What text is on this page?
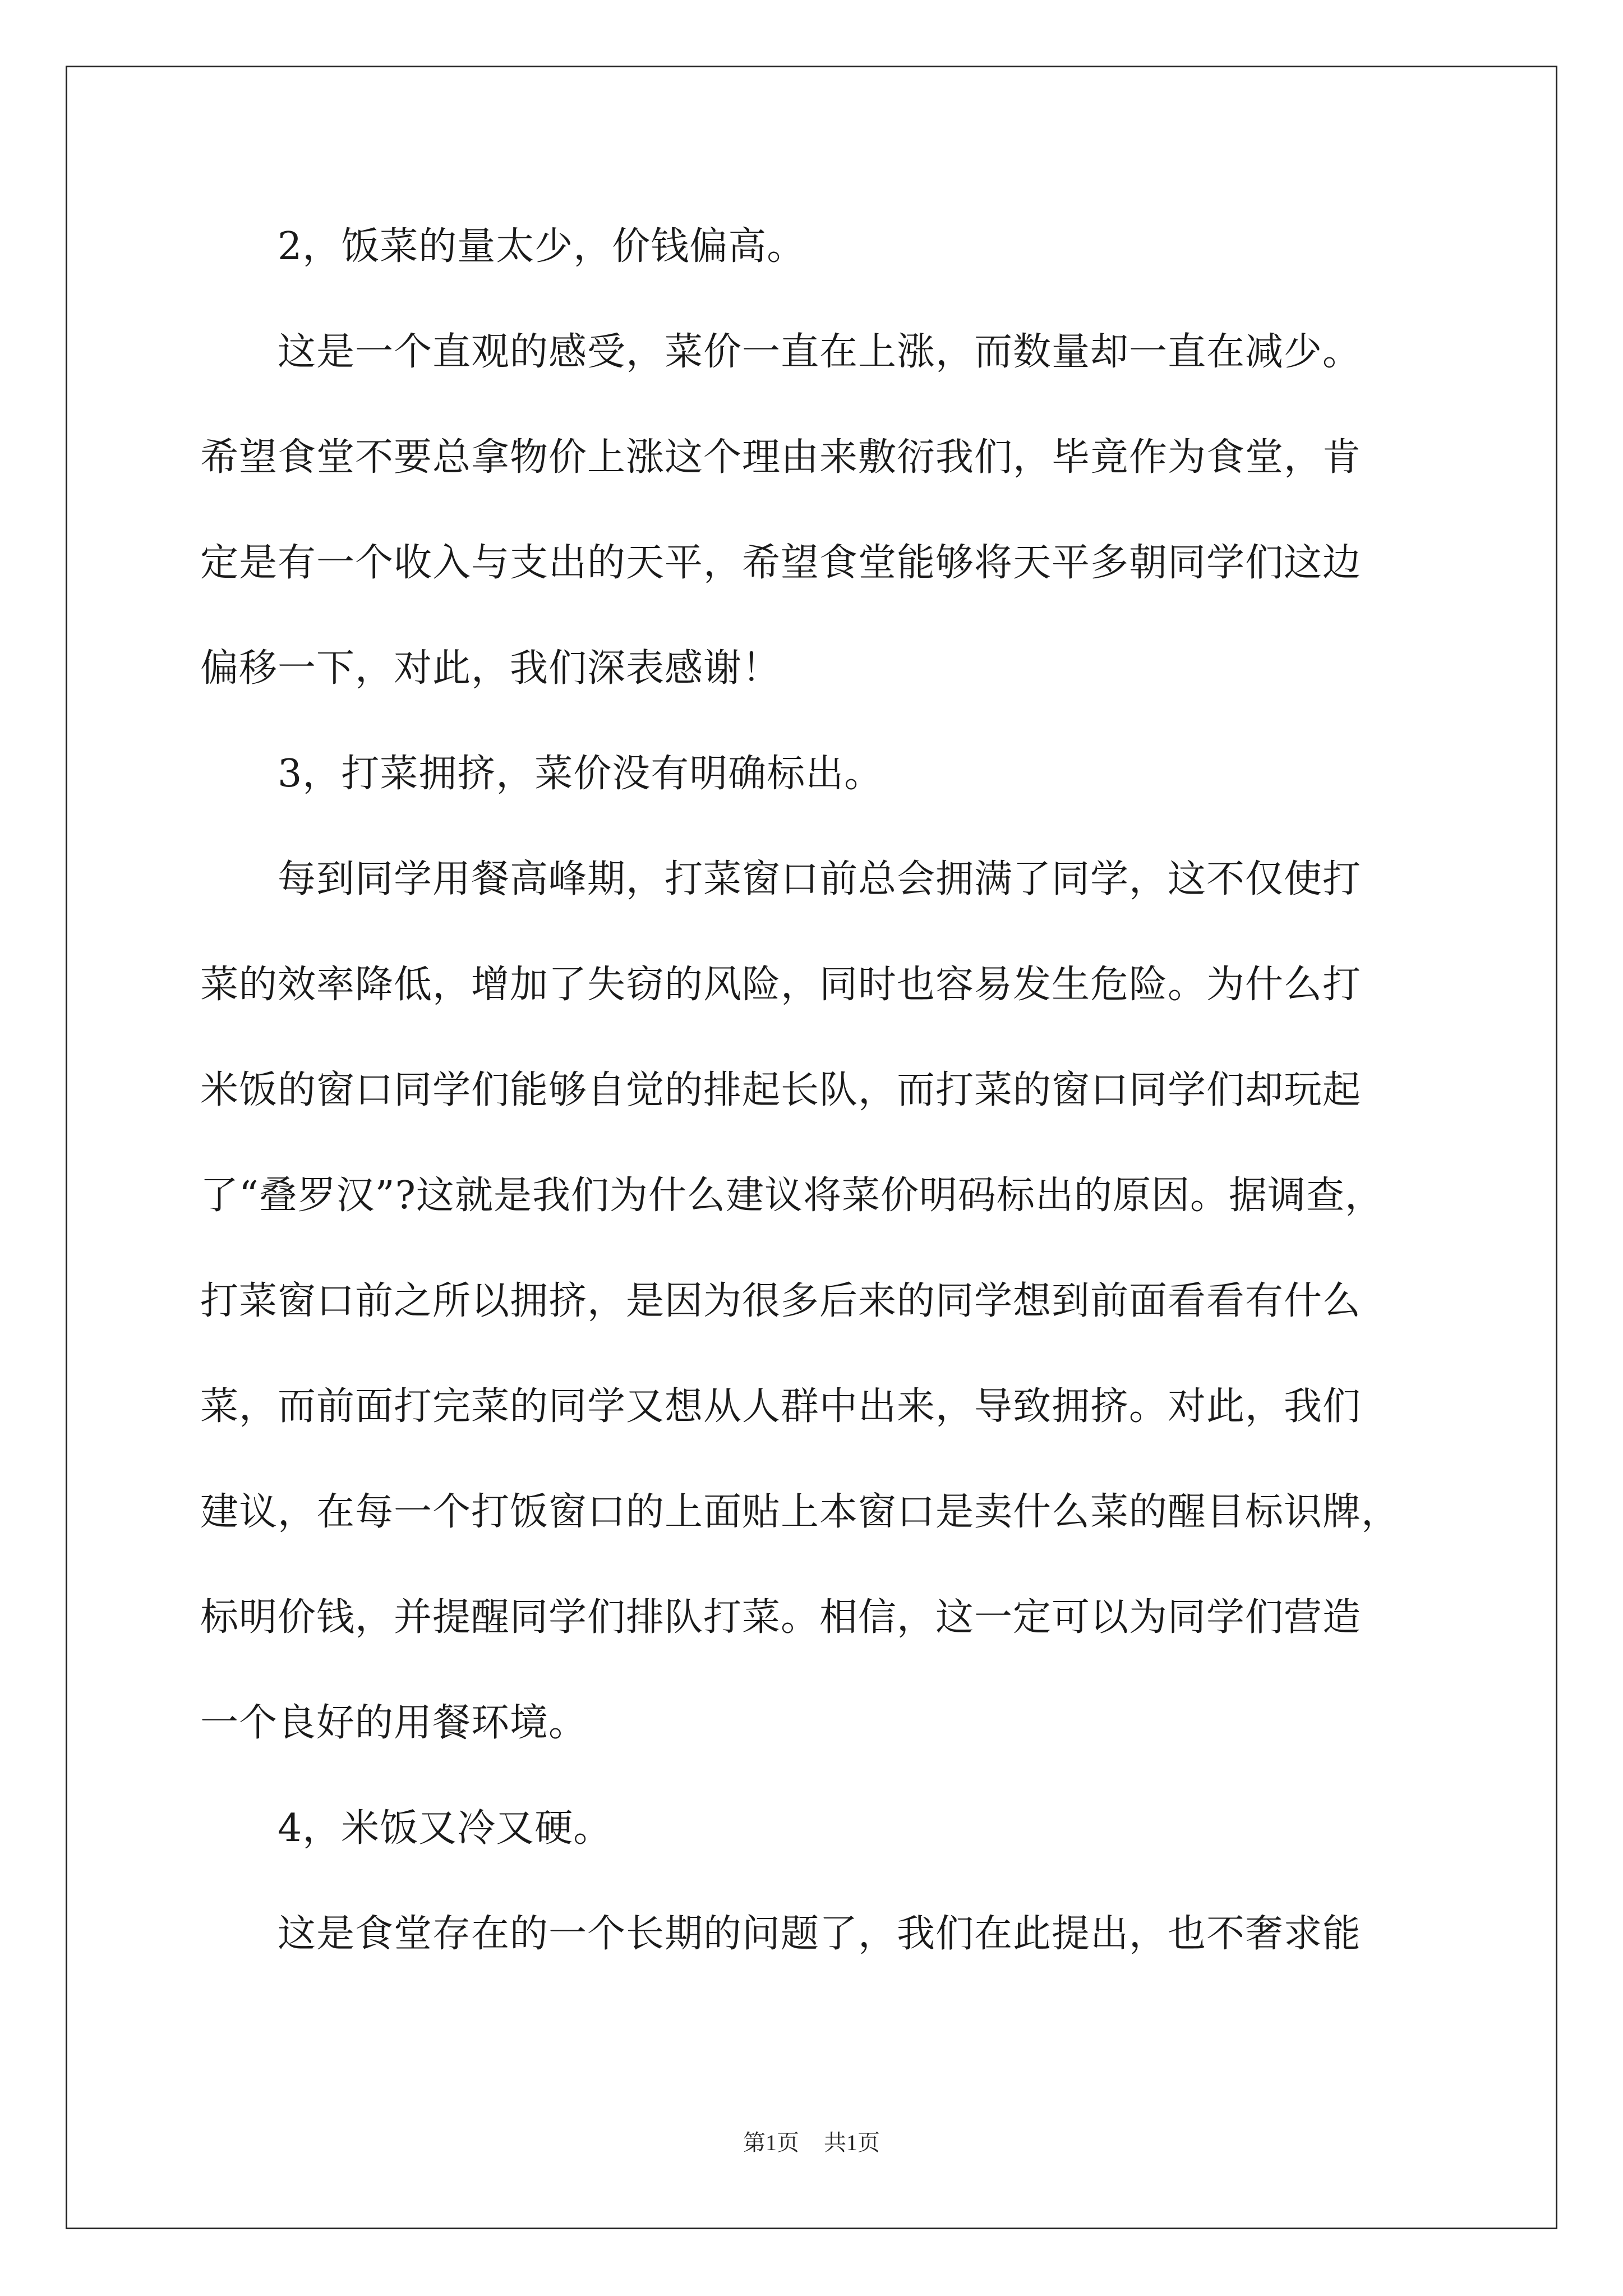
2，饭菜的量太少，价钱偏高。
这是一个直观的感受，菜价一直在上涨，而数量却一直在减少。
希望食堂不要总拿物价上涨这个理由来敷衍我们，毕竟作为食堂，肯
定是有一个收入与支出的天平，希望食堂能够将天平多朝同学们这边
偏移一下，对此，我们深表感谢！
3，打菜拥挤，菜价没有明确标出。
每到同学用餐高峰期，打菜窗口前总会拥满了同学，这不仅使打
菜的效率降低，增加了失窃的风险，同时也容易发生危险。为什么打
米饭的窗口同学们能够自觉的排起长队，而打菜的窗口同学们却玩起
了“叠罗汉”?这就是我们为什么建议将菜价明码标出的原因。据调查，
打菜窗口前之所以拥挤，是因为很多后来的同学想到前面看看有什么
菜，而前面打完菜的同学又想从人群中出来，导致拥挤。对此，我们
建议，在每一个打饭窗口的上面贴上本窗口是卖什么菜的醒目标识牌，
标明价钱，并提醒同学们排队打菜。相信，这一定可以为同学们营造
一个良好的用餐环境。
4，米饭又冷又硬。
这是食堂存在的一个长期的问题了，我们在此提出，也不奢求能
第1页 共1页
